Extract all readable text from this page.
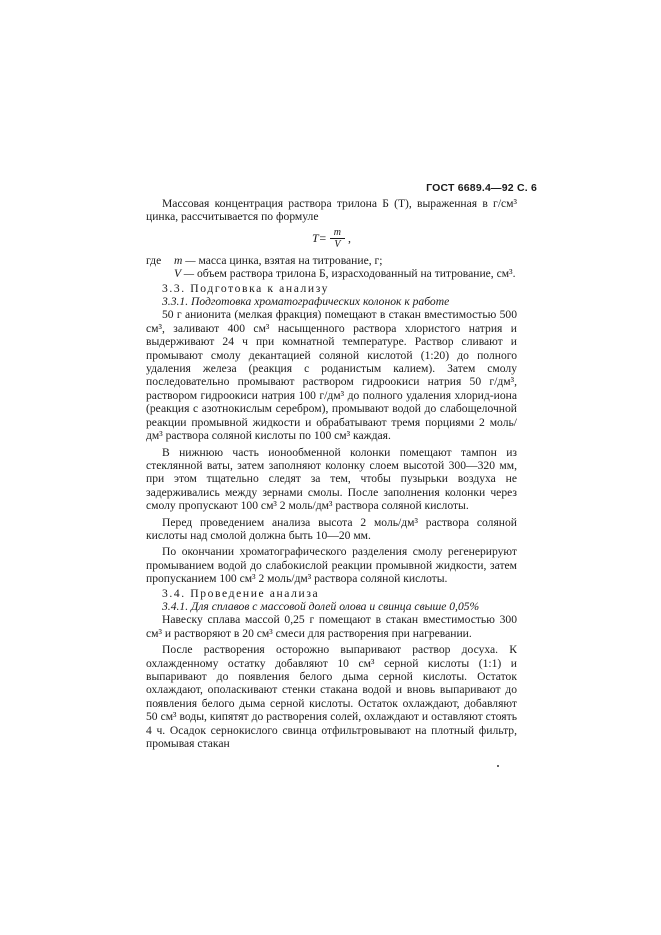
ГОСТ 6689.4—92 С. 6

Массовая концентрация раствора трилона Б (T), выраженная в г/см³ цинка, рассчитывается по формуле

$T= \frac{m}{V}$ ,
где	m — масса цинка, взятая на титрование, г;
V — объем раствора трилона Б, израсходованный на титрование, см³.

3.3. Подготовка к анализу

3.3.1. Подготовка хроматографических колонок к работе

50 г анионита (мелкая фракция) помещают в стакан вместимостью 500 см³, заливают 400 см³ насыщенного раствора хлористого натрия и выдерживают 24 ч при комнатной температуре. Раствор сливают и промывают смолу декантацией соляной кислотой (1:20) до полного удаления железа (реакция с роданистым калием). Затем смолу последовательно промывают раствором гидроокиси натрия 50 г/дм³, раствором гидроокиси натрия 100 г/дм³ до полного удаления хлорид-иона (реакция с азотнокислым серебром), промывают водой до слабощелочной реакции промывной жидкости и обрабатывают тремя порциями 2 моль/дм³ раствора соляной кислоты по 100 см³ каждая.

В нижнюю часть ионообменной колонки помещают тампон из стеклянной ваты, затем заполняют колонку слоем высотой 300—320 мм, при этом тщательно следят за тем, чтобы пузырьки воздуха не задерживались между зернами смолы. После заполнения колонки через смолу пропускают 100 см³ 2 моль/дм³ раствора соляной кислоты.

Перед проведением анализа высота 2 моль/дм³ раствора соляной кислоты над смолой должна быть 10—20 мм.

По окончании хроматографического разделения смолу регенерируют промыванием водой до слабокислой реакции промывной жидкости, затем пропусканием 100 см³ 2 моль/дм³ раствора соляной кислоты.

3.4. Проведение анализа

3.4.1. Для сплавов с массовой долей олова и свинца свыше 0,05%

Навеску сплава массой 0,25 г помещают в стакан вместимостью 300 см³ и растворяют в 20 см³ смеси для растворения при нагревании.

После растворения осторожно выпаривают раствор досуха. К охлажденному остатку добавляют 10 см³ серной кислоты (1:1) и выпаривают до появления белого дыма серной кислоты. Остаток охлаждают, ополаскивают стенки стакана водой и вновь выпаривают до появления белого дыма серной кислоты. Остаток охлаждают, добавляют 50 см³ воды, кипятят до растворения солей, охлаждают и оставляют стоять 4 ч. Осадок сернокислого свинца отфильтровывают на плотный фильтр, промывая стакан
